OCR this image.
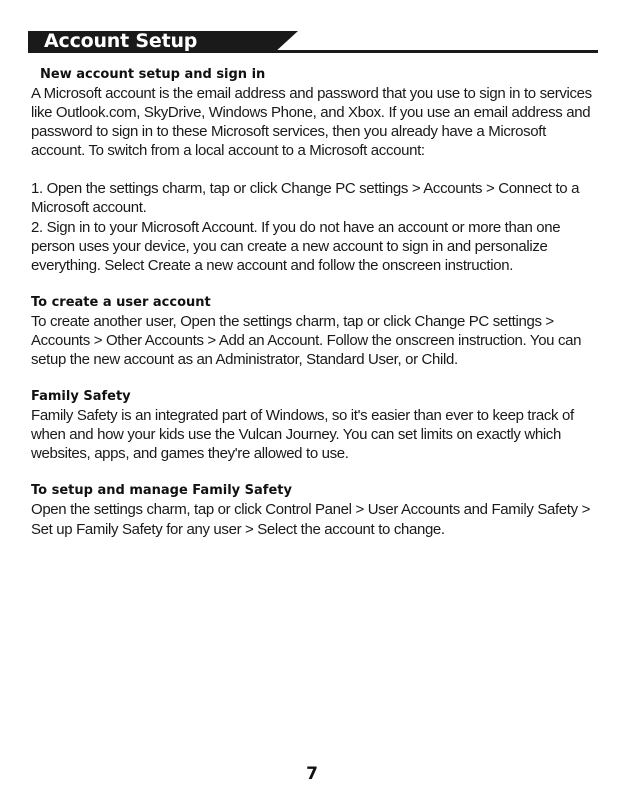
Account Setup
New account setup and sign in
A Microsoft account is the email address and password that you use to sign in to services like Outlook.com, SkyDrive, Windows Phone, and Xbox. If you use an email address and password to sign in to these Microsoft services, then you already have a Microsoft account. To switch from a local account to a Microsoft account:
1. Open the settings charm, tap or click Change PC settings > Accounts > Connect to a Microsoft account.
2. Sign in to your Microsoft Account. If you do not have an account or more than one person uses your device, you can create a new account to sign in and personalize everything. Select Create a new account and follow the onscreen instruction.
To create a user account
To create another user, Open the settings charm, tap or click Change PC settings > Accounts > Other Accounts > Add an Account. Follow the onscreen instruction. You can setup the new account as an Administrator, Standard User, or Child.
Family Safety
Family Safety is an integrated part of Windows, so it's easier than ever to keep track of when and how your kids use the Vulcan Journey. You can set limits on exactly which websites, apps, and games they're allowed to use.
To setup and manage Family Safety
Open the settings charm, tap or click Control Panel > User Accounts and Family Safety > Set up Family Safety for any user > Select the account to change.
7
